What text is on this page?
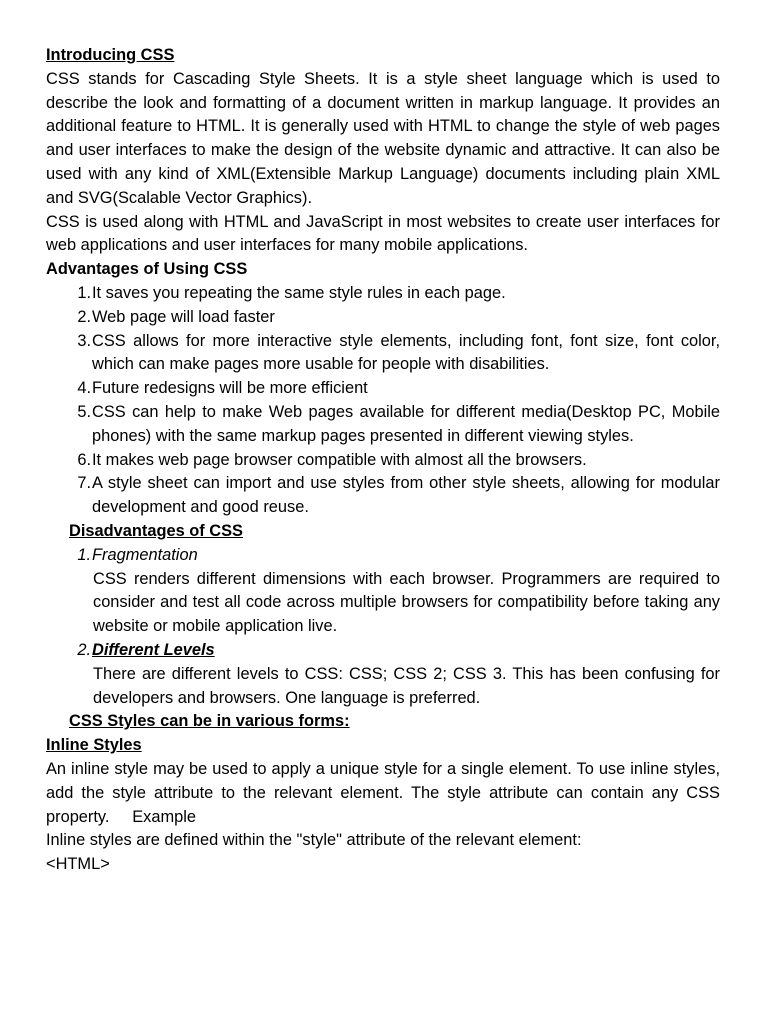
Introducing CSS

CSS stands for Cascading Style Sheets. It is a style sheet language which is used to describe the look and formatting of a document written in markup language. It provides an additional feature to HTML. It is generally used with HTML to change the style of web pages and user interfaces to make the design of the website dynamic and attractive. It can also be used with any kind of XML(Extensible Markup Language) documents including plain XML and SVG(Scalable Vector Graphics).

CSS is used along with HTML and JavaScript in most websites to create user interfaces for web applications and user interfaces for many mobile applications.

Advantages of Using CSS

1. It saves you repeating the same style rules in each page.
2. Web page will load faster
3. CSS allows for more interactive style elements, including font, font size, font color, which can make pages more usable for people with disabilities.
4. Future redesigns will be more efficient
5. CSS can help to make Web pages available for different media(Desktop PC, Mobile phones) with the same markup pages presented in different viewing styles.
6. It makes web page browser compatible with almost all the browsers.
7. A style sheet can import and use styles from other style sheets, allowing for modular development and good reuse.

Disadvantages of CSS

1. Fragmentation

CSS renders different dimensions with each browser. Programmers are required to consider and test all code across multiple browsers for compatibility before taking any website or mobile application live.

2. Different Levels

There are different levels to CSS: CSS; CSS 2; CSS 3. This has been confusing for developers and browsers. One language is preferred.

CSS Styles can be in various forms:

Inline Styles

An inline style may be used to apply a unique style for a single element. To use inline styles, add the style attribute to the relevant element. The style attribute can contain any CSS property.     Example

Inline styles are defined within the "style" attribute of the relevant element:

<HTML>
